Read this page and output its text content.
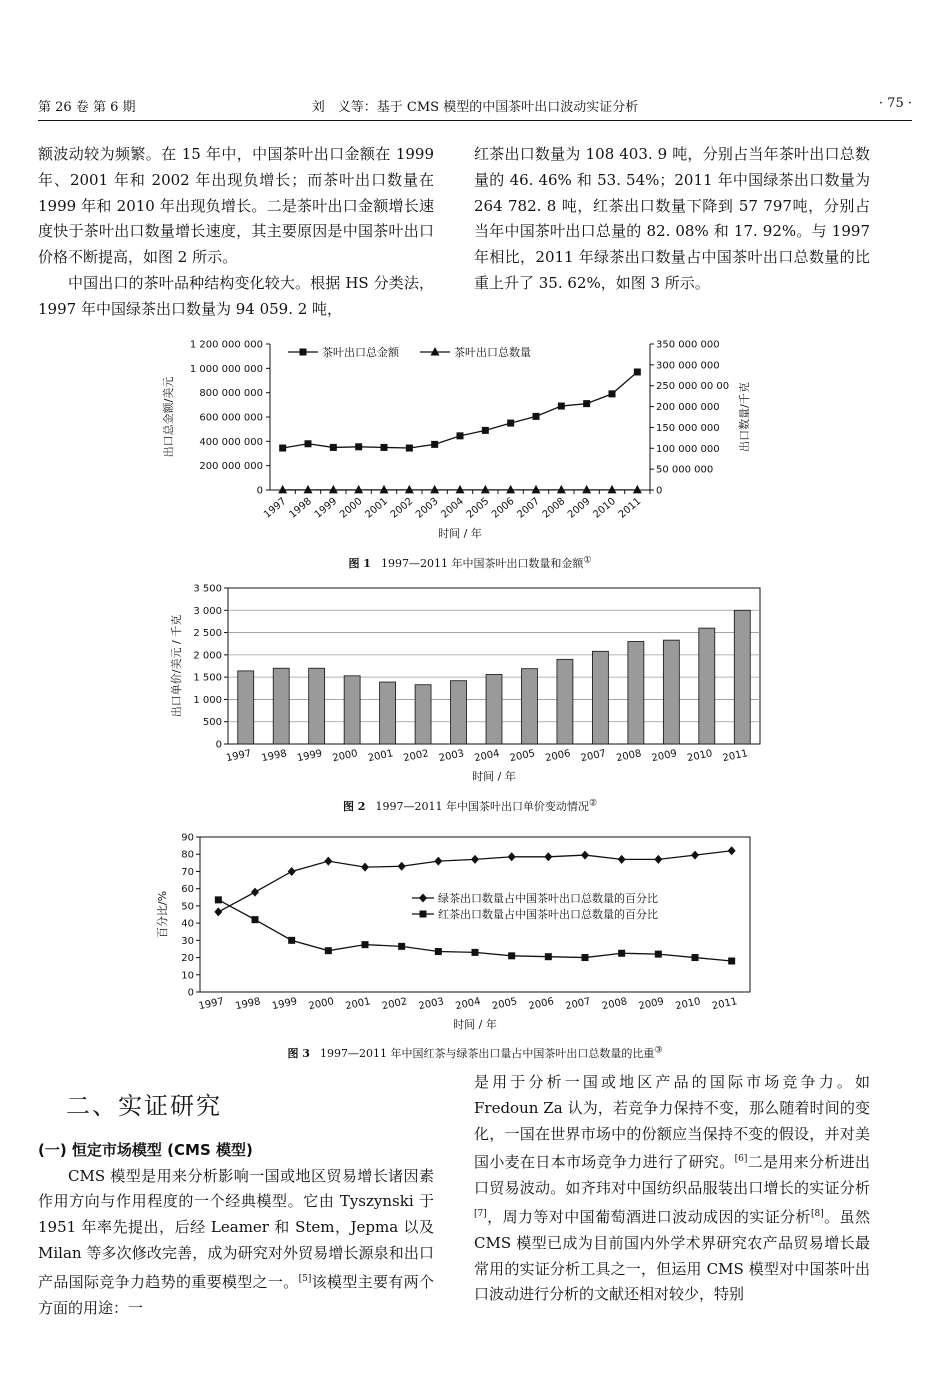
第 26 卷 第 6 期	刘　义等：基于 CMS 模型的中国茶叶出口波动实证分析	· 75 ·

额波动较为频繁。在 15 年中，中国茶叶出口金额在 1999 年、2001 年和 2002 年出现负增长；而茶叶出口数量在 1999 年和 2010 年出现负增长。二是茶叶出口金额增长速度快于茶叶出口数量增长速度，其主要原因是中国茶叶出口价格不断提高，如图 2 所示。

中国出口的茶叶品种结构变化较大。根据 HS 分类法，1997 年中国绿茶出口数量为 94 059. 2 吨，

红茶出口数量为 108 403. 9 吨，分别占当年茶叶出口总数量的 46. 46% 和 53. 54%；2011 年中国绿茶出口数量为 264 782. 8 吨，红茶出口数量下降到 57 797吨，分别占当年中国茶叶出口总量的 82. 08% 和 17. 92%。与 1997 年相比，2011 年绿茶出口数量占中国茶叶出口总数量的比重上升了 35. 62%，如图 3 所示。

0
200 000 000
400 000 000
600 000 000
800 000 000
1 000 000 000
1 200 000 000
0
50 000 000
100 000 000
150 000 000
200 000 000
250 000 00 00
300 000 000
350 000 000
1997
1998
1999
2000
2001
2002
2003
2004
2005
2006
2007
2008
2009
2010
2011
茶叶出口总金额	茶叶出口总数量
时间 / 年
出口总金额/美元	出口数量/千克
图 1 1997—2011 年中国茶叶出口数量和金额①
0
500
1 000
1 500
2 000
2 500
3 000
3 500
1997 1998 1999 2000 2001 2002 2003 2004 2005 2006 2007 2008 2009 2010 2011
时间 / 年
出口单价/美元 / 千克
图 2 1997—2011 年中国茶叶出口单价变动情况②
0
10
20
30
40
50
60
70
80
90
1997 1998 1999 2000 2001 2002 2003 2004 2005 2006 2007 2008 2009 2010 2011
绿茶出口数量占中国茶叶出口总数量的百分比
红茶出口数量占中国茶叶出口总数量的百分比
时间 / 年
百分比/%
图 3 1997—2011 年中国红茶与绿茶出口量占中国茶叶出口总数量的比重③
二、实证研究
(一) 恒定市场模型 (CMS 模型)

CMS 模型是用来分析影响一国或地区贸易增长诸因素作用方向与作用程度的一个经典模型。它由 Tyszynski 于 1951 年率先提出，后经 Leamer 和 Stem，Jepma 以及 Milan 等多次修改完善，成为研究对外贸易增长源泉和出口产品国际竞争力趋势的重要模型之一。[5]该模型主要有两个方面的用途：一

是用于分析一国或地区产品的国际市场竞争力。如 Fredoun Za 认为，若竞争力保持不变，那么随着时间的变化，一国在世界市场中的份额应当保持不变的假设，并对美国小麦在日本市场竞争力进行了研究。[6]二是用来分析进出口贸易波动。如齐玮对中国纺织品服装出口增长的实证分析[7]，周力等对中国葡萄酒进口波动成因的实证分析[8]。虽然 CMS 模型已成为目前国内外学术界研究农产品贸易增长最常用的实证分析工具之一，但运用 CMS 模型对中国茶叶出口波动进行分析的文献还相对较少，特别
